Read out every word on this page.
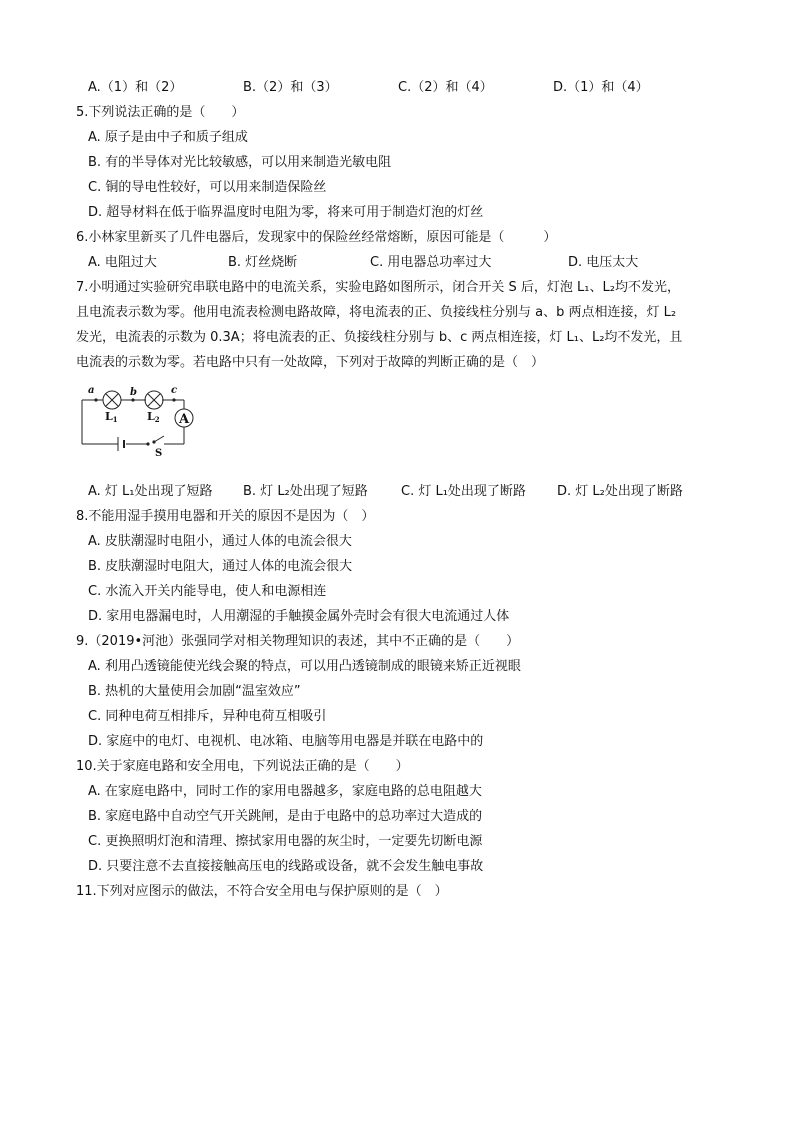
A.（1）和（2）	B.（2）和（3）	C.（2）和（4）	D.（1）和（4）
5.下列说法正确的是（　　）
A. 原子是由中子和质子组成
B. 有的半导体对光比较敏感，可以用来制造光敏电阻
C. 铜的导电性较好，可以用来制造保险丝
D. 超导材料在低于临界温度时电阻为零，将来可用于制造灯泡的灯丝
6.小林家里新买了几件电器后，发现家中的保险丝经常熔断，原因可能是（　　　）
A. 电阻过大	B. 灯丝烧断	C. 用电器总功率过大	D. 电压太大
7.小明通过实验研究串联电路中的电流关系，实验电路如图所示，闭合开关 S 后，灯泡 L₁、L₂均不发光，
且电流表示数为零。他用电流表检测电路故障，将电流表的正、负接线柱分别与 a、b 两点相连接，灯 L₂
发光，电流表的示数为 0.3A；将电流表的正、负接线柱分别与 b、c 两点相连接，灯 L₁、L₂均不发光，且
电流表的示数为零。若电路中只有一处故障，下列对于故障的判断正确的是（　）
A
a	b	c
L1	L2
S
A. 灯 L₁处出现了短路	B. 灯 L₂处出现了短路	C. 灯 L₁处出现了断路	D. 灯 L₂处出现了断路
8.不能用湿手摸用电器和开关的原因不是因为（　）
A. 皮肤潮湿时电阻小，通过人体的电流会很大
B. 皮肤潮湿时电阻大，通过人体的电流会很大
C. 水流入开关内能导电，使人和电源相连
D. 家用电器漏电时，人用潮湿的手触摸金属外壳时会有很大电流通过人体
9.（2019•河池）张强同学对相关物理知识的表述，其中不正确的是（　　）
A. 利用凸透镜能使光线会聚的特点，可以用凸透镜制成的眼镜来矫正近视眼
B. 热机的大量使用会加剧“温室效应”
C. 同种电荷互相排斥，异种电荷互相吸引
D. 家庭中的电灯、电视机、电冰箱、电脑等用电器是并联在电路中的
10.关于家庭电路和安全用电，下列说法正确的是（　　）
A. 在家庭电路中，同时工作的家用电器越多，家庭电路的总电阻越大
B. 家庭电路中自动空气开关跳闸，是由于电路中的总功率过大造成的
C. 更换照明灯泡和清理、擦拭家用电器的灰尘时，一定要先切断电源
D. 只要注意不去直接接触高压电的线路或设备，就不会发生触电事故
11.下列对应图示的做法，不符合安全用电与保护原则的是（　）
